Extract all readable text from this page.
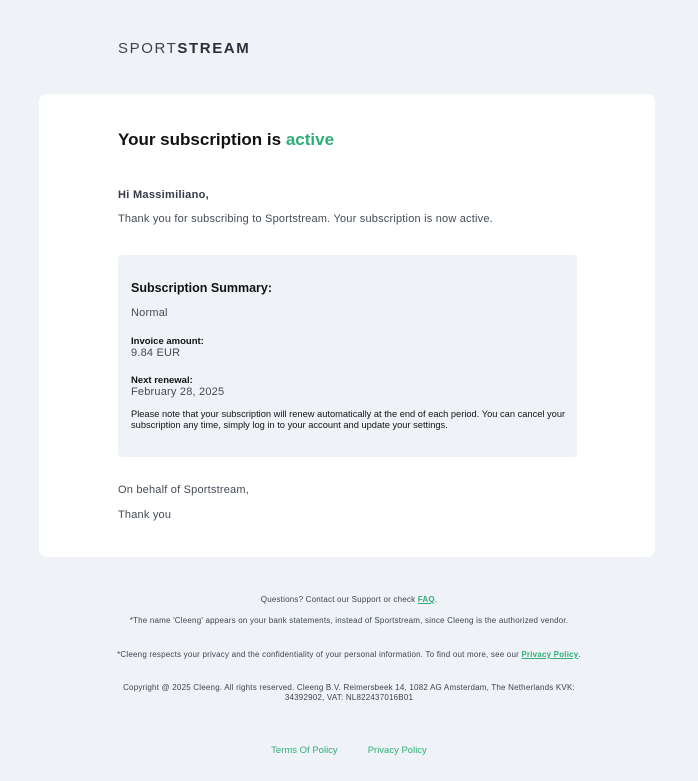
SPORTSTREAM
Your subscription is active
Hi Massimiliano,
Thank you for subscribing to Sportstream. Your subscription is now active.
Subscription Summary:
Normal
Invoice amount:
9.84 EUR
Next renewal:
February 28, 2025
Please note that your subscription will renew automatically at the end of each period. You can cancel your subscription any time, simply log in to your account and update your settings.
On behalf of Sportstream,
Thank you
Questions? Contact our Support or check FAQ.
*The name 'Cleeng' appears on your bank statements, instead of Sportstream, since Cleeng is the authorized vendor.
*Cleeng respects your privacy and the confidentiality of your personal information. To find out more, see our Privacy Policy.
Copyright @ 2025 Cleeng. All rights reserved. Cleeng B.V. Reimersbeek 14, 1082 AG Amsterdam, The Netherlands KVK: 34392902, VAT: NL822437016B01
Terms Of Policy	Privacy Policy
